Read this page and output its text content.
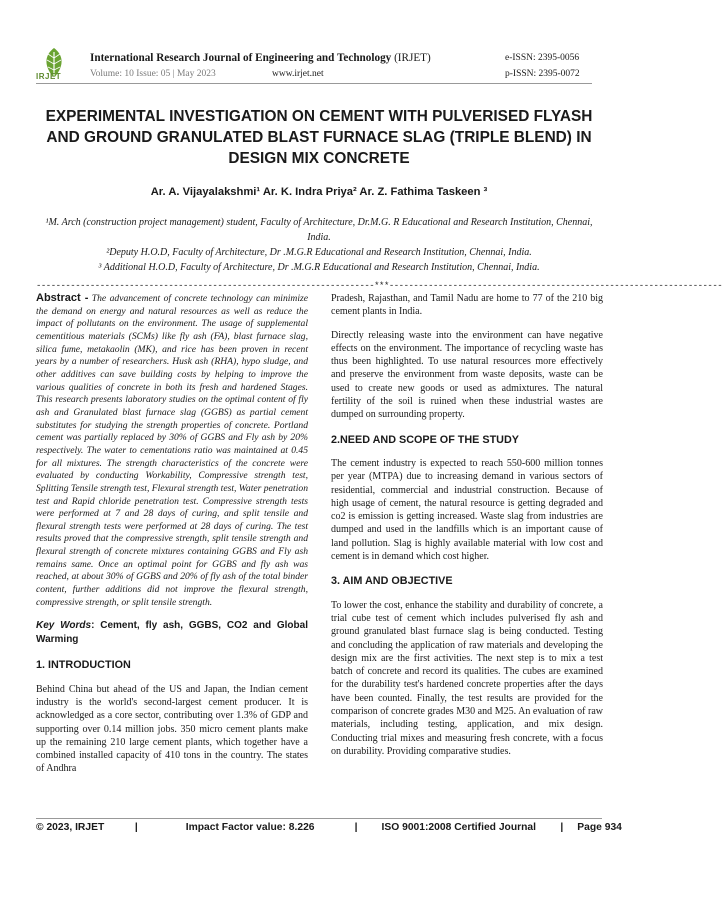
IRJET
International Research Journal of Engineering and Technology (IRJET)	e-ISSN: 2395-0056
Volume: 10 Issue: 05 | May 2023	www.irjet.net	p-ISSN: 2395-0072
EXPERIMENTAL INVESTIGATION ON CEMENT WITH PULVERISED FLYASH AND GROUND GRANULATED BLAST FURNACE SLAG (TRIPLE BLEND) IN DESIGN MIX CONCRETE
Ar. A. Vijayalakshmi¹ Ar. K. Indra Priya² Ar. Z. Fathima Taskeen ³
¹M. Arch (construction project management) student, Faculty of Architecture, Dr.M.G. R Educational and Research Institution, Chennai, India.
²Deputy H.O.D, Faculty of Architecture, Dr .M.G.R Educational and Research Institution, Chennai, India.
³ Additional H.O.D, Faculty of Architecture, Dr .M.G.R Educational and Research Institution, Chennai, India.
---------------------------------------------------------------------***--------------------------------------------------------------------
Abstract - The advancement of concrete technology can minimize the demand on energy and natural resources as well as reduce the impact of pollutants on the environment. The usage of supplemental cementitious materials (SCMs) like fly ash (FA), blast furnace slag, silica fume, metakaolin (MK), and rice has been proven in recent years by a number of researchers. Husk ash (RHA), hypo sludge, and other additives can save building costs by helping to improve the various qualities of concrete in both its fresh and hardened Stages. This research presents laboratory studies on the optimal content of fly ash and Granulated blast furnace slag (GGBS) as partial cement substitutes for studying the strength properties of concrete. Portland cement was partially replaced by 30% of GGBS and Fly ash by 20% respectively. The water to cementations ratio was maintained at 0.45 for all mixtures. The strength characteristics of the concrete were evaluated by conducting Workability, Compressive strength test, Splitting Tensile strength test, Flexural strength test, Water penetration test and Rapid chloride penetration test. Compressive strength tests were performed at 7 and 28 days of curing, and split tensile and flexural strength tests were performed at 28 days of curing. The test results proved that the compressive strength, split tensile strength and flexural strength of concrete mixtures containing GGBS and Fly ash remains same. Once an optimal point for GGBS and fly ash was reached, at about 30% of GGBS and 20% of fly ash of the total binder content, further additions did not improve the flexural strength, compressive strength, or split tensile strength.
Key Words: Cement, fly ash, GGBS, CO2 and Global Warming
1. INTRODUCTION

Behind China but ahead of the US and Japan, the Indian cement industry is the world's second-largest cement producer. It is acknowledged as a core sector, contributing over 1.3% of GDP and supporting over 0.14 million jobs. 350 micro cement plants make up the remaining 210 large cement plants, which together have a combined installed capacity of 410 tons in the country. The states of Andhra

Pradesh, Rajasthan, and Tamil Nadu are home to 77 of the 210 big cement plants in India.

Directly releasing waste into the environment can have negative effects on the environment. The importance of recycling waste has thus been highlighted. To use natural resources more effectively and preserve the environment from waste deposits, waste can be used to create new goods or used as admixtures. The natural fertility of the soil is ruined when these industrial wastes are dumped on surrounding property.

2.NEED AND SCOPE OF THE STUDY

The cement industry is expected to reach 550-600 million tonnes per year (MTPA) due to increasing demand in various sectors of residential, commercial and industrial construction. Because of high usage of cement, the natural resource is getting degraded and co2 is emission is getting increased. Waste slag from industries are dumped and used in the landfills which is an important cause of land pollution. Slag is highly available material with low cost and cement is in demand which cost higher.

3. AIM AND OBJECTIVE

To lower the cost, enhance the stability and durability of concrete, a trial cube test of cement which includes pulverised fly ash and ground granulated blast furnace slag is being conducted. Testing and concluding the application of raw materials and developing the design mix are the first activities. The next step is to mix a test batch of concrete and record its qualities. The cubes are examined for the durability test's hardened concrete properties after the days have been counted. Finally, the test results are provided for the comparison of concrete grades M30 and M25. An evaluation of raw materials, including testing, application, and mix design. Conducting trial mixes and measuring fresh concrete, with a focus on durability. Providing comparative studies.

© 2023, IRJET	|	Impact Factor value: 8.226	| ISO 9001:2008 Certified Journal | Page 934
